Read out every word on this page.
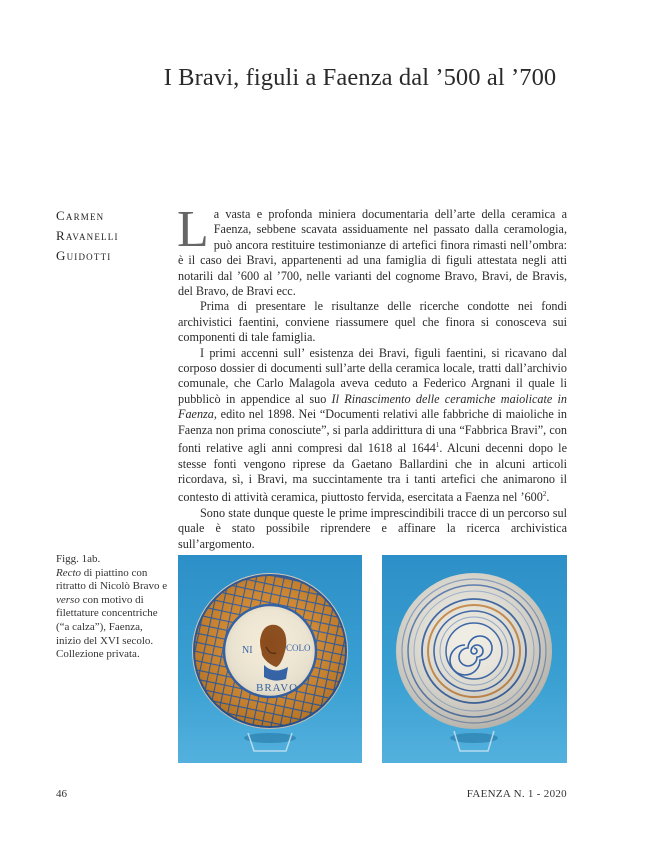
I Bravi, figuli a Faenza dal ’500 al ’700
Carmen
Ravanelli
Guidotti La vasta e profonda miniera documentaria dell’arte della ceramica a Faenza, sebbene scavata assiduamente nel passato dalla ceramologia, può ancora restituire testimonianze di artefici finora rimasti nell’ombra: è il caso dei Bravi, appartenenti ad una famiglia di figuli attestata negli atti notarili dal ’600 al ’700, nelle varianti del cognome Bravo, Bravi, de Bravis, del Bravo, de Bravi ecc.

Prima di presentare le risultanze delle ricerche condotte nei fondi archivistici faentini, conviene riassumere quel che finora si conosceva sui componenti di tale famiglia.

I primi accenni sull’ esistenza dei Bravi, figuli faentini, si ricavano dal corposo dossier di documenti sull’arte della ceramica locale, tratti dall’archivio comunale, che Carlo Malagola aveva ceduto a Federico Argnani il quale li pubblicò in appendice al suo Il Rinascimento delle ceramiche maiolicate in Faenza, edito nel 1898. Nei “Documenti relativi alle fabbriche di maioliche in Faenza non prima conosciute”, si parla addirittura di una “Fabbrica Bravi”, con fonti relative agli anni compresi dal 1618 al 1644$^1$. Alcuni decenni dopo le stesse fonti vengono riprese da Gaetano Ballardini che in alcuni articoli ricordava, sì, i Bravi, ma succintamente tra i tanti artefici che animarono il contesto di attività ceramica, piuttosto fervida, esercitata a Faenza nel $’600^2$.

Sono state dunque queste le prime imprescindibili tracce di un percorso sul quale è stato possibile riprendere e affinare la ricerca archivistica sull’argomento.

Figg. 1ab.
Recto di piattino con ritratto di Nicolò Bravo e verso con motivo di filettature concentriche (“a calza”), Faenza, inizio del XVI secolo. Collezione privata.
46	FAENZA N. 1 - 2020
